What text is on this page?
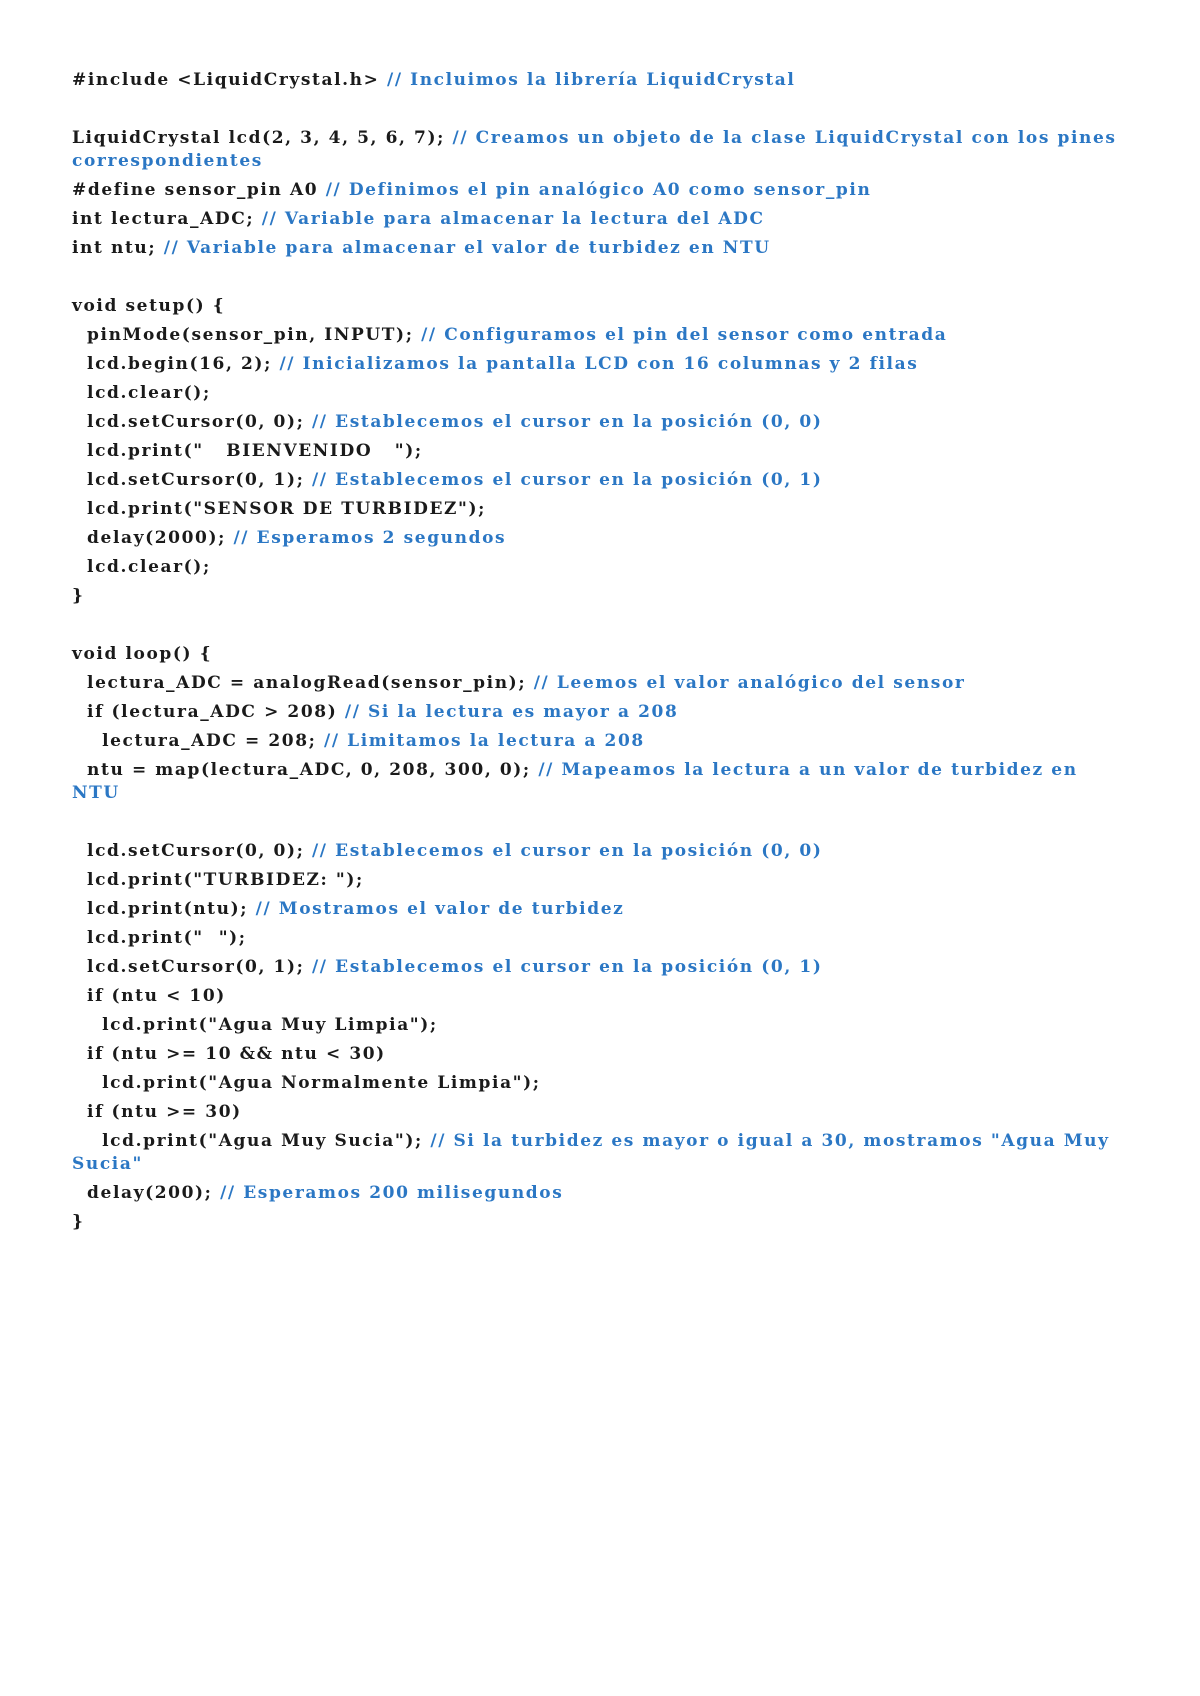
#include <LiquidCrystal.h> // Incluimos la librería LiquidCrystal
LiquidCrystal lcd(2, 3, 4, 5, 6, 7); // Creamos un objeto de la clase LiquidCrystal con los pines correspondientes
#define sensor_pin A0 // Definimos el pin analógico A0 como sensor_pin
int lectura_ADC; // Variable para almacenar la lectura del ADC
int ntu; // Variable para almacenar el valor de turbidez en NTU
void setup() {
pinMode(sensor_pin, INPUT); // Configuramos el pin del sensor como entrada
lcd.begin(16, 2); // Inicializamos la pantalla LCD con 16 columnas y 2 filas
lcd.clear();
lcd.setCursor(0, 0); // Establecemos el cursor en la posición (0, 0)
lcd.print("   BIENVENIDO   ");
lcd.setCursor(0, 1); // Establecemos el cursor en la posición (0, 1)
lcd.print("SENSOR DE TURBIDEZ");
delay(2000); // Esperamos 2 segundos
lcd.clear();
}
void loop() {
lectura_ADC = analogRead(sensor_pin); // Leemos el valor analógico del sensor
if (lectura_ADC > 208) // Si la lectura es mayor a 208
lectura_ADC = 208; // Limitamos la lectura a 208
ntu = map(lectura_ADC, 0, 208, 300, 0); // Mapeamos la lectura a un valor de turbidez en NTU
lcd.setCursor(0, 0); // Establecemos el cursor en la posición (0, 0)
lcd.print("TURBIDEZ: ");
lcd.print(ntu); // Mostramos el valor de turbidez
lcd.print("  ");
lcd.setCursor(0, 1); // Establecemos el cursor en la posición (0, 1)
if (ntu < 10)
lcd.print("Agua Muy Limpia");
if (ntu >= 10 && ntu < 30)
lcd.print("Agua Normalmente Limpia");
if (ntu >= 30)
lcd.print("Agua Muy Sucia"); // Si la turbidez es mayor o igual a 30, mostramos "Agua Muy Sucia"
delay(200); // Esperamos 200 milisegundos
}
